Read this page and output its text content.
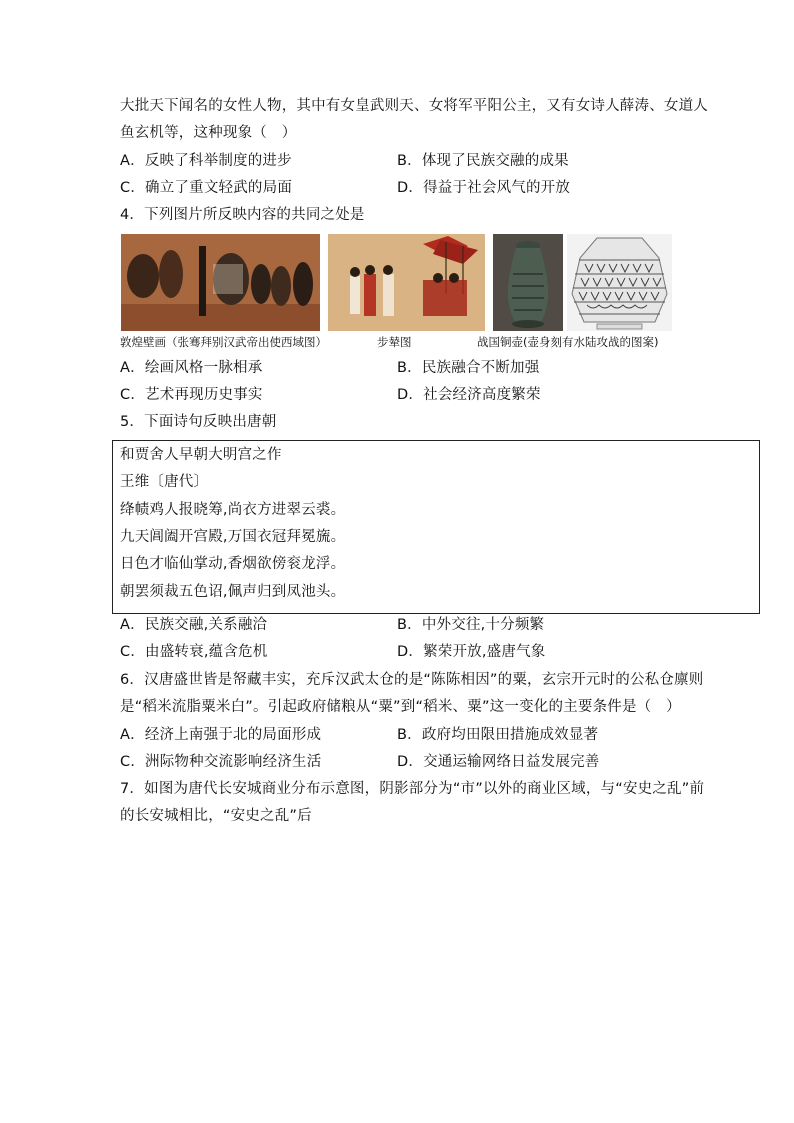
大批天下闻名的女性人物，其中有女皇武则天、女将军平阳公主，又有女诗人薛涛、女道人
鱼玄机等，这种现象（　）
A．反映了科举制度的进步	B．体现了民族交融的成果
C．确立了重文轻武的局面	D．得益于社会风气的开放
4．下列图片所反映内容的共同之处是
敦煌壁画（张骞拜别汉武帝出使西域图）	步辇图	战国铜壶(壶身刻有水陆攻战的图案)
A．绘画风格一脉相承	B．民族融合不断加强
C．艺术再现历史事实	D．社会经济高度繁荣
5．下面诗句反映出唐朝
和贾舍人早朝大明宫之作
王维〔唐代〕
绛帻鸡人报晓筹,尚衣方进翠云裘。
九天阊阖开宫殿,万国衣冠拜冕旒。
日色才临仙掌动,香烟欲傍衮龙浮。
朝罢须裁五色诏,佩声归到凤池头。
A．民族交融,关系融洽	B．中外交往,十分频繁
C．由盛转衰,蕴含危机	D．繁荣开放,盛唐气象
6．汉唐盛世皆是帑藏丰实，充斥汉武太仓的是“陈陈相因”的粟，玄宗开元时的公私仓廪则
是“稻米流脂粟米白”。引起政府储粮从“粟”到“稻米、粟”这一变化的主要条件是（　）
A．经济上南强于北的局面形成	B．政府均田限田措施成效显著
C．洲际物种交流影响经济生活	D．交通运输网络日益发展完善
7．如图为唐代长安城商业分布示意图，阴影部分为“市”以外的商业区域，与“安史之乱”前
的长安城相比，“安史之乱”后
